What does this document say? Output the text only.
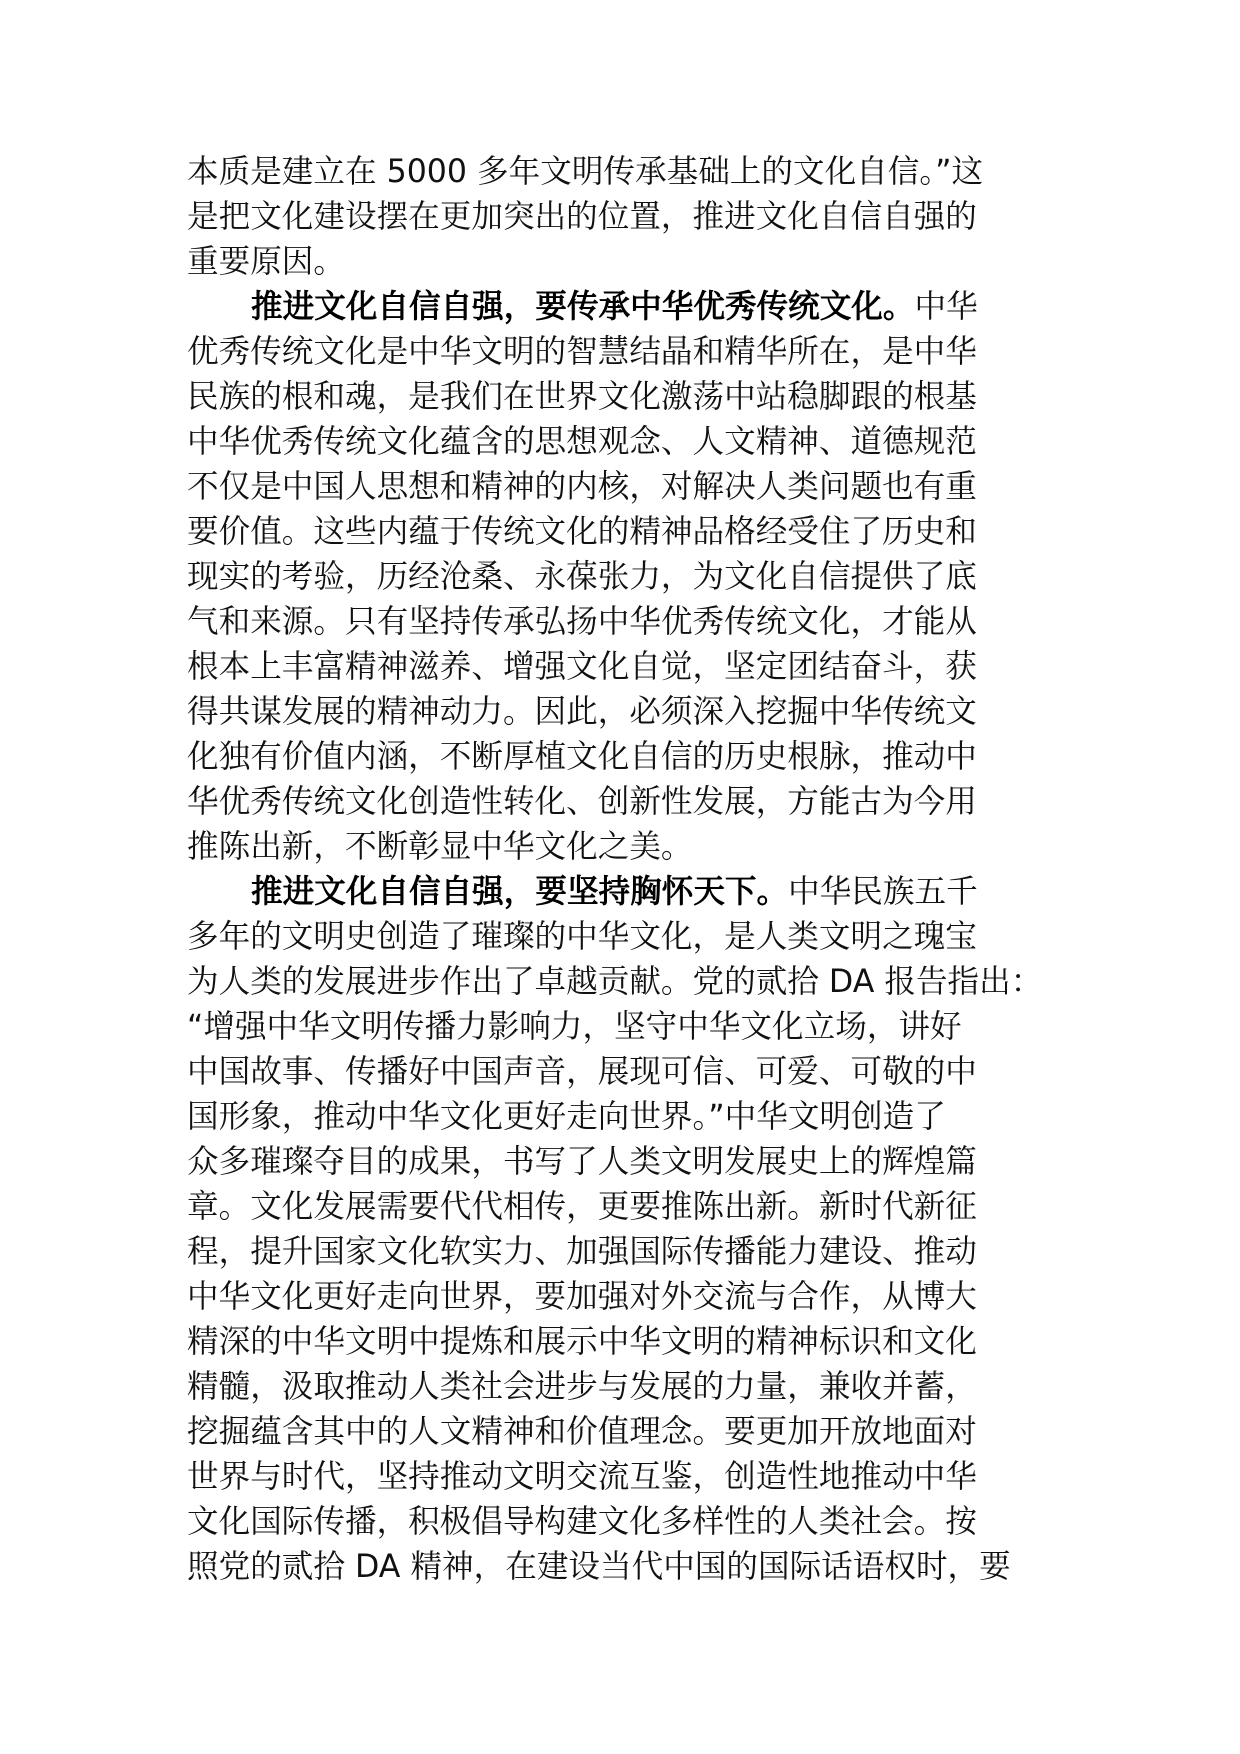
本质是建立在 5000 多年文明传承基础上的文化自信。”这
是把文化建设摆在更加突出的位置，推进文化自信自强的
重要原因。
推进文化自信自强，要传承中华优秀传统文化。中华
优秀传统文化是中华文明的智慧结晶和精华所在，是中华
民族的根和魂，是我们在世界文化激荡中站稳脚跟的根基
中华优秀传统文化蕴含的思想观念、人文精神、道德规范
不仅是中国人思想和精神的内核，对解决人类问题也有重
要价值。这些内蕴于传统文化的精神品格经受住了历史和
现实的考验，历经沧桑、永葆张力，为文化自信提供了底
气和来源。只有坚持传承弘扬中华优秀传统文化，才能从
根本上丰富精神滋养、增强文化自觉，坚定团结奋斗，获
得共谋发展的精神动力。因此，必须深入挖掘中华传统文
化独有价值内涵，不断厚植文化自信的历史根脉，推动中
华优秀传统文化创造性转化、创新性发展，方能古为今用
推陈出新，不断彰显中华文化之美。
推进文化自信自强，要坚持胸怀天下。中华民族五千
多年的文明史创造了璀璨的中华文化，是人类文明之瑰宝
为人类的发展进步作出了卓越贡献。党的贰拾 DA 报告指出：
“增强中华文明传播力影响力，坚守中华文化立场，讲好
中国故事、传播好中国声音，展现可信、可爱、可敬的中
国形象，推动中华文化更好走向世界。”中华文明创造了
众多璀璨夺目的成果，书写了人类文明发展史上的辉煌篇
章。文化发展需要代代相传，更要推陈出新。新时代新征
程，提升国家文化软实力、加强国际传播能力建设、推动
中华文化更好走向世界，要加强对外交流与合作，从博大
精深的中华文明中提炼和展示中华文明的精神标识和文化
精髓，汲取推动人类社会进步与发展的力量，兼收并蓄，
挖掘蕴含其中的人文精神和价值理念。要更加开放地面对
世界与时代，坚持推动文明交流互鉴，创造性地推动中华
文化国际传播，积极倡导构建文化多样性的人类社会。按
照党的贰拾 DA 精神，在建设当代中国的国际话语权时，要
